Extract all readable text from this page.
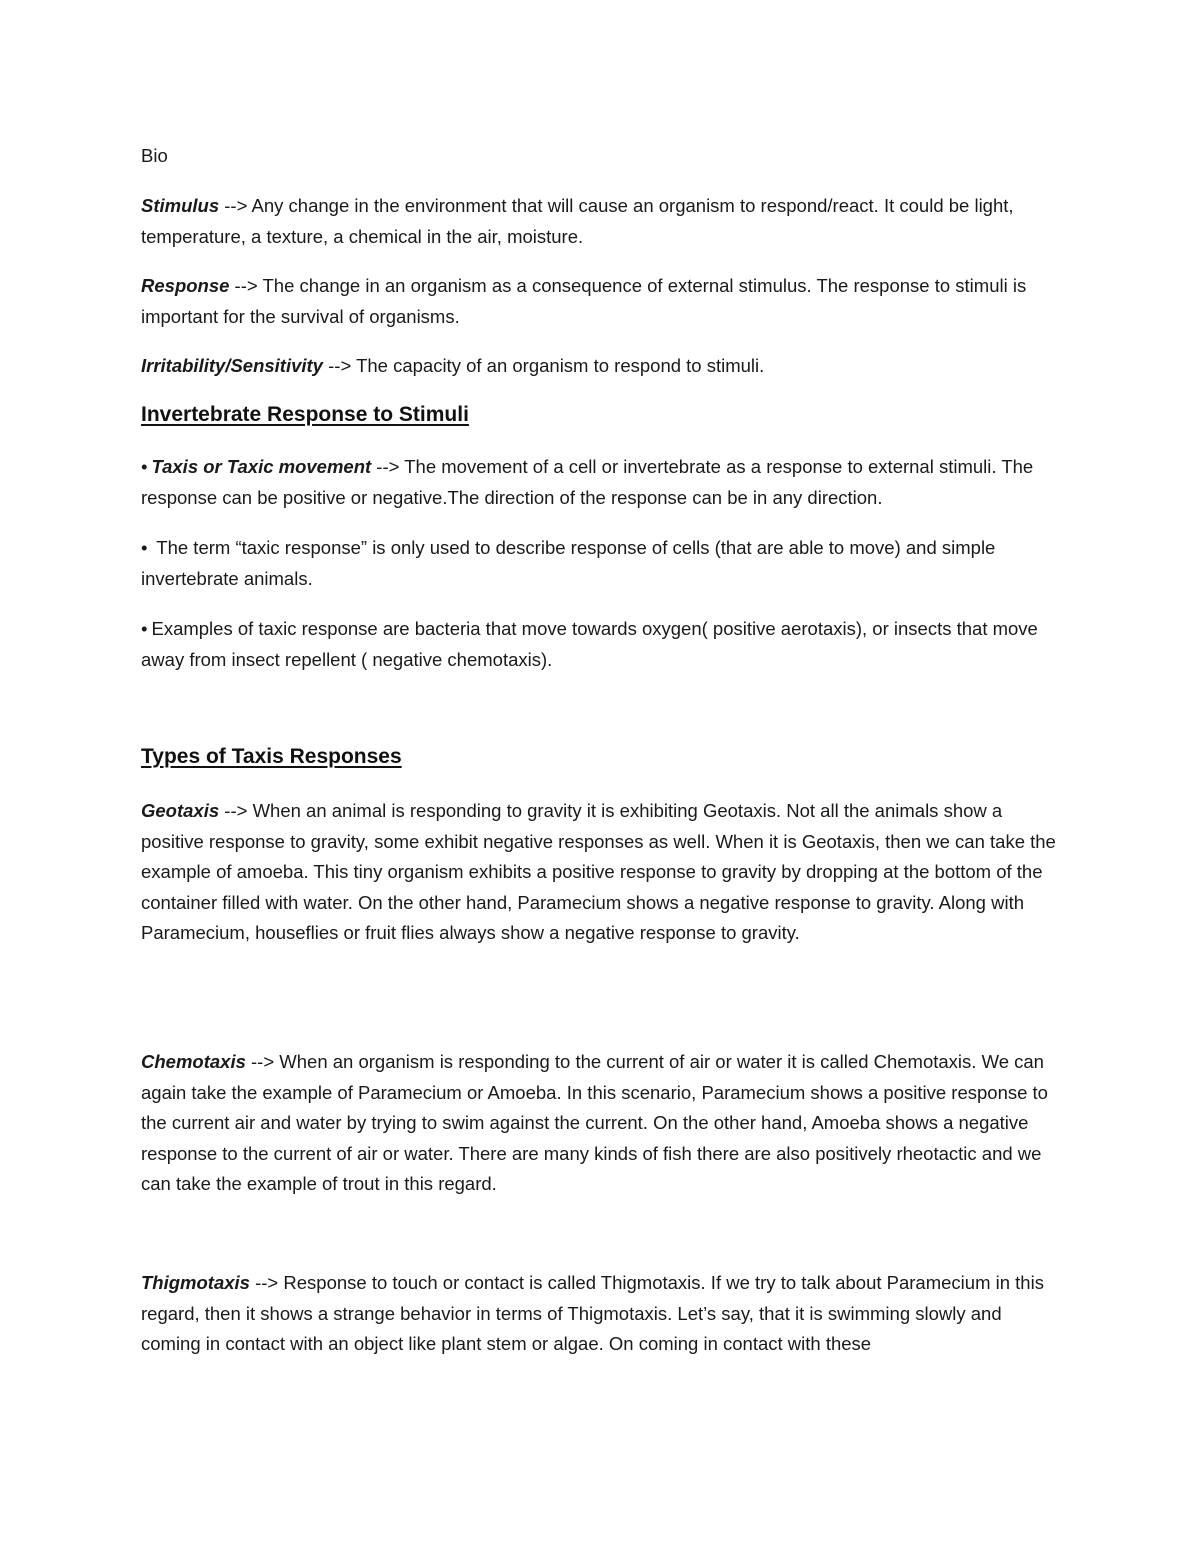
Bio
Stimulus --> Any change in the environment that will cause an organism to respond/react. It could be light, temperature, a texture, a chemical in the air, moisture.
Response --> The change in an organism as a consequence of external stimulus. The response to stimuli is important for the survival of organisms.
Irritability/Sensitivity --> The capacity of an organism to respond to stimuli.
Invertebrate Response to Stimuli
• Taxis or Taxic movement --> The movement of a cell or invertebrate as a response to external stimuli. The response can be positive or negative.The direction of the response can be in any direction.
• The term “taxic response” is only used to describe response of cells (that are able to move) and simple invertebrate animals.
• Examples of taxic response are bacteria that move towards oxygen( positive aerotaxis), or insects that move away from insect repellent ( negative chemotaxis).
Types of Taxis Responses
Geotaxis --> When an animal is responding to gravity it is exhibiting Geotaxis. Not all the animals show a positive response to gravity, some exhibit negative responses as well. When it is Geotaxis, then we can take the example of amoeba. This tiny organism exhibits a positive response to gravity by dropping at the bottom of the container filled with water. On the other hand, Paramecium shows a negative response to gravity. Along with Paramecium, houseflies or fruit flies always show a negative response to gravity.
Chemotaxis --> When an organism is responding to the current of air or water it is called Chemotaxis. We can again take the example of Paramecium or Amoeba. In this scenario, Paramecium shows a positive response to the current air and water by trying to swim against the current. On the other hand, Amoeba shows a negative response to the current of air or water. There are many kinds of fish there are also positively rheotactic and we can take the example of trout in this regard.
Thigmotaxis --> Response to touch or contact is called Thigmotaxis. If we try to talk about Paramecium in this regard, then it shows a strange behavior in terms of Thigmotaxis. Let’s say, that it is swimming slowly and coming in contact with an object like plant stem or algae. On coming in contact with these
